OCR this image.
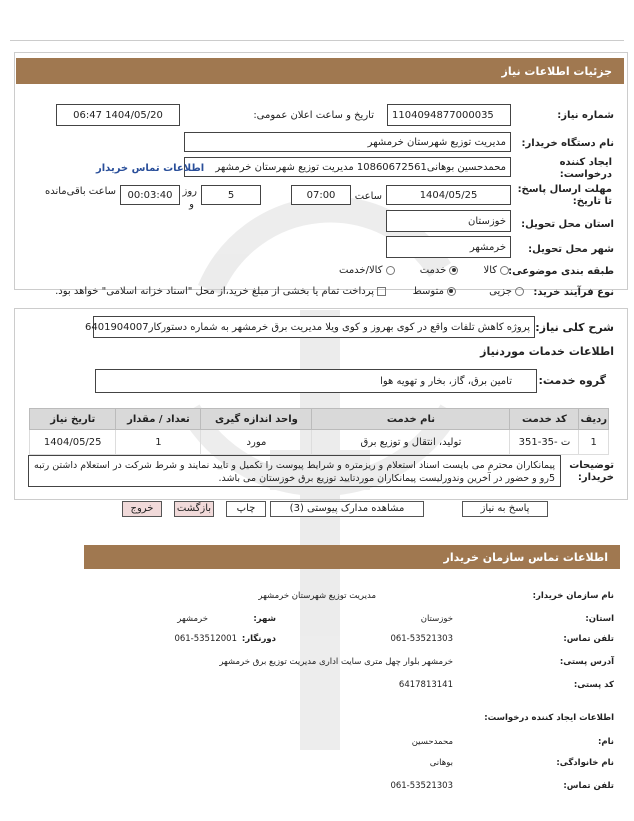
جزئیات اطلاعات نیاز
شماره نیاز:
1104094877000035
تاریخ و ساعت اعلان عمومی:
1404/05/20 06:47
نام دستگاه خریدار:
مدیریت توزیع شهرستان خرمشهر
ایجاد کننده درخواست:
محمدحسین بوهانی10860672561 مدیریت توزیع شهرستان خرمشهر
اطلاعات تماس خریدار
مهلت ارسال پاسخ: تا تاریخ:
1404/05/25
ساعت
07:00
5
روز
و
00:03:40
ساعت باقی‌مانده
استان محل تحویل:
خوزستان
شهر محل تحویل:
خرمشهر
طبقه بندی موضوعی:
کالا خدمت کالا/خدمت
نوع فرآیند خرید:
جزیی متوسط
پرداخت تمام یا بخشی از مبلغ خرید،از محل "اسناد خزانه اسلامی" خواهد بود.
شرح کلی نیاز:
پروژه کاهش تلفات واقع در کوی بهروز و کوی ویلا مدیریت برق خرمشهر به شماره دستورکار6401904007
اطلاعات خدمات مورد‌نیاز
گروه خدمت:
تامین برق، گاز، بخار و تهویه هوا
ردیف	کد خدمت	نام خدمت	واحد اندازه گیری	تعداد / مقدار	تاریخ نیاز
1	ت -35-351	تولید، انتقال و توزیع برق	مورد	1	1404/05/25
توضیحات خریدار:
پیمانکاران محترم می بایست اسناد استعلام و ریزمتره و شرایط پیوست را تکمیل و تایید نمایند و شرط شرکت در استعلام داشتن رتبه 5رو و حضور در آخرین وندورلیست پیمانکاران موردتایید توزیع برق خوزستان می باشد.
پاسخ به نیاز
مشاهده مدارک پیوستی (3)
چاپ
بازگشت
خروج
اطلاعات تماس سازمان خریدار
نام سازمان خریدار:
مدیریت توزیع شهرستان خرمشهر
استان:
خوزستان
شهر:
خرمشهر
تلفن تماس:
061-53521303
دورنگار:
061-53512001
آدرس پستی:
خرمشهر بلوار چهل متری سایت اداری مدیریت توزیع برق خرمشهر
کد پستی:
6417813141
اطلاعات ایجاد کننده درخواست:
نام:
محمدحسین
نام خانوادگی:
بوهانی
تلفن تماس:
061-53521303
